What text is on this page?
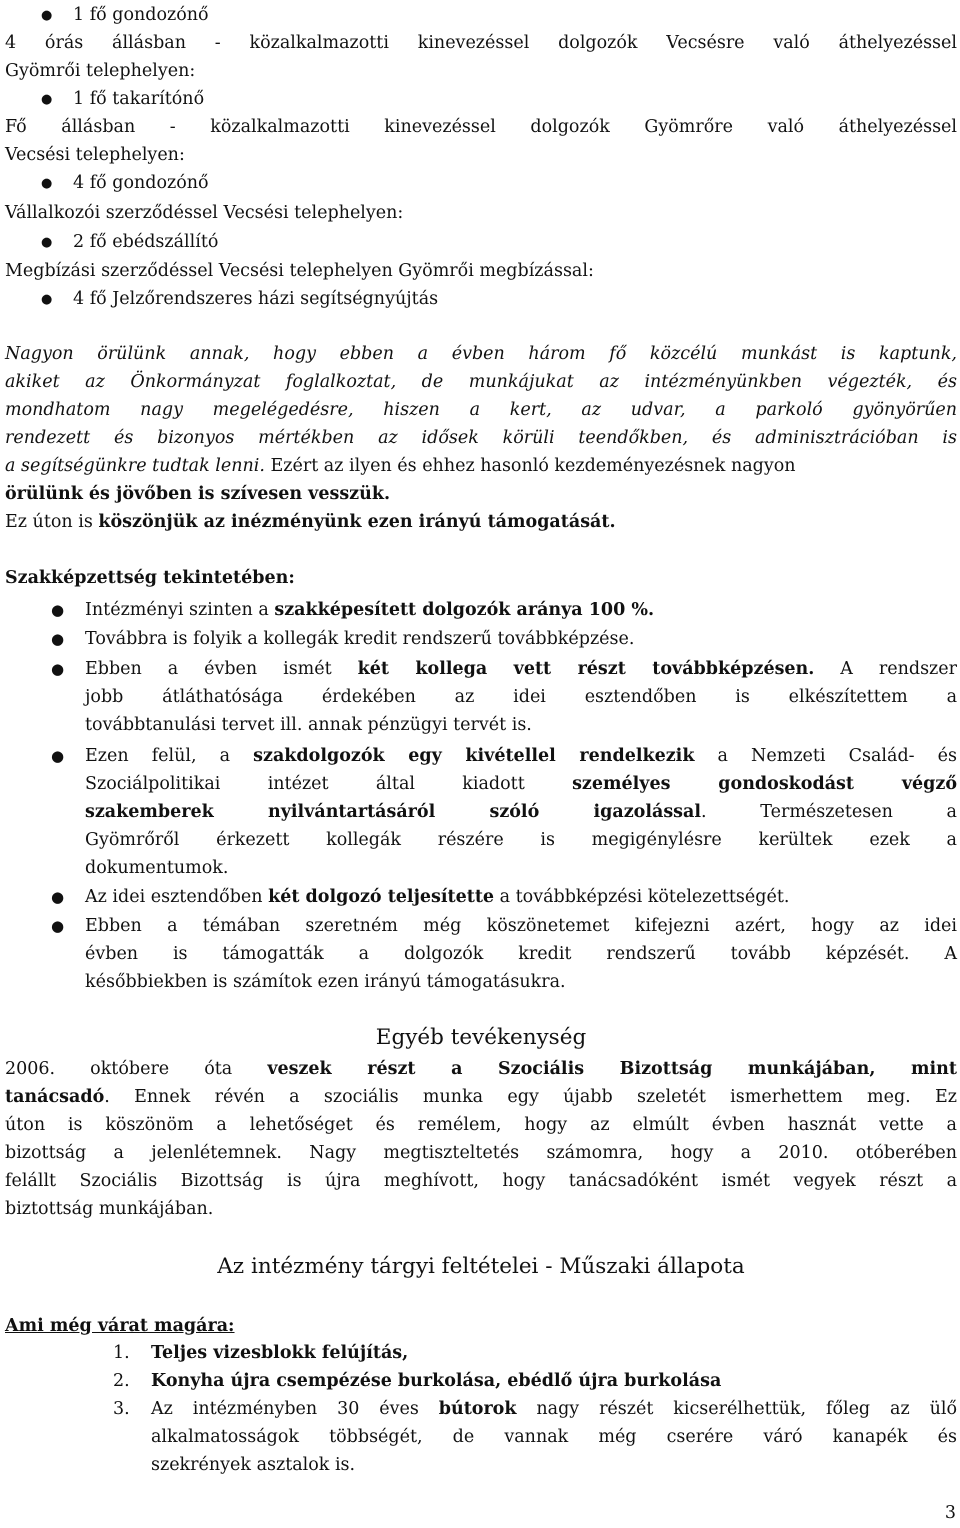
● 1 fő gondozónő
4 órás állásban - közalkalmazotti kinevezéssel dolgozók Vecsésre való áthelyezéssel
Gyömrői telephelyen:
● 1 fő takarítónő
Fő állásban - közalkalmazotti kinevezéssel dolgozók Gyömrőre való áthelyezéssel
Vecsési telephelyen:
● 4 fő gondozónő
Vállalkozói szerződéssel Vecsési telephelyen:
● 2 fő ebédszállító
Megbízási szerződéssel Vecsési telephelyen Gyömrői megbízással:
● 4 fő Jelzőrendszeres házi segítségnyújtás
Nagyon örülünk annak, hogy ebben a évben három fő közcélú munkást is kaptunk,
akiket az Önkormányzat foglalkoztat, de munkájukat az intézményünkben végezték, és
mondhatom nagy megelégedésre, hiszen a kert, az udvar, a parkoló gyönyörűen
rendezett és bizonyos mértékben az idősek körüli teendőkben, és adminisztrációban is
a segítségünkre tudtak lenni. Ezért az ilyen és ehhez hasonló kezdeményezésnek nagyon
örülünk és jövőben is szívesen vesszük.
Ez úton is köszönjük az inézményünk ezen irányú támogatását.
Szakképzettség tekintetében:
● Intézményi szinten a szakképesített dolgozók aránya 100 %.
● Továbbra is folyik a kollegák kredit rendszerű továbbképzése.
● Ebben a évben ismét két kollega vett részt továbbképzésen. A rendszer
jobb átláthatósága érdekében az idei esztendőben is elkészítettem a
továbbtanulási tervet ill. annak pénzügyi tervét is.
● Ezen felül, a szakdolgozók egy kivétellel rendelkezik a Nemzeti Család- és
Szociálpolitikai intézet által kiadott személyes gondoskodást végző
szakemberek nyilvántartásáról szóló igazolással. Természetesen a
Gyömrőről érkezett kollegák részére is megigénylésre kerültek ezek a
dokumentumok.
● Az idei esztendőben két dolgozó teljesítette a továbbképzési kötelezettségét.
● Ebben a témában szeretném még köszönetemet kifejezni azért, hogy az idei
évben is támogatták a dolgozók kredit rendszerű tovább képzését. A
későbbiekben is számítok ezen irányú támogatásukra.
Egyéb tevékenység
2006. októbere óta veszek részt a Szociális Bizottság munkájában, mint
tanácsadó. Ennek révén a szociális munka egy újabb szeletét ismerhettem meg. Ez
úton is köszönöm a lehetőséget és remélem, hogy az elmúlt évben hasznát vette a
bizottság a jelenlétemnek. Nagy megtiszteltetés számomra, hogy a 2010. otóberében
felállt Szociális Bizottság is újra meghívott, hogy tanácsadóként ismét vegyek részt a
biztottság munkájában.
Az intézmény tárgyi feltételei - Műszaki állapota
Ami még várat magára:
1. Teljes vizesblokk felújítás,
2. Konyha újra csempézése burkolása, ebédlő újra burkolása
3. Az intézményben 30 éves bútorok nagy részét kicserélhettük, főleg az ülő
alkalmatosságok többségét, de vannak még cserére váró kanapék és
szekrények asztalok is.
3
